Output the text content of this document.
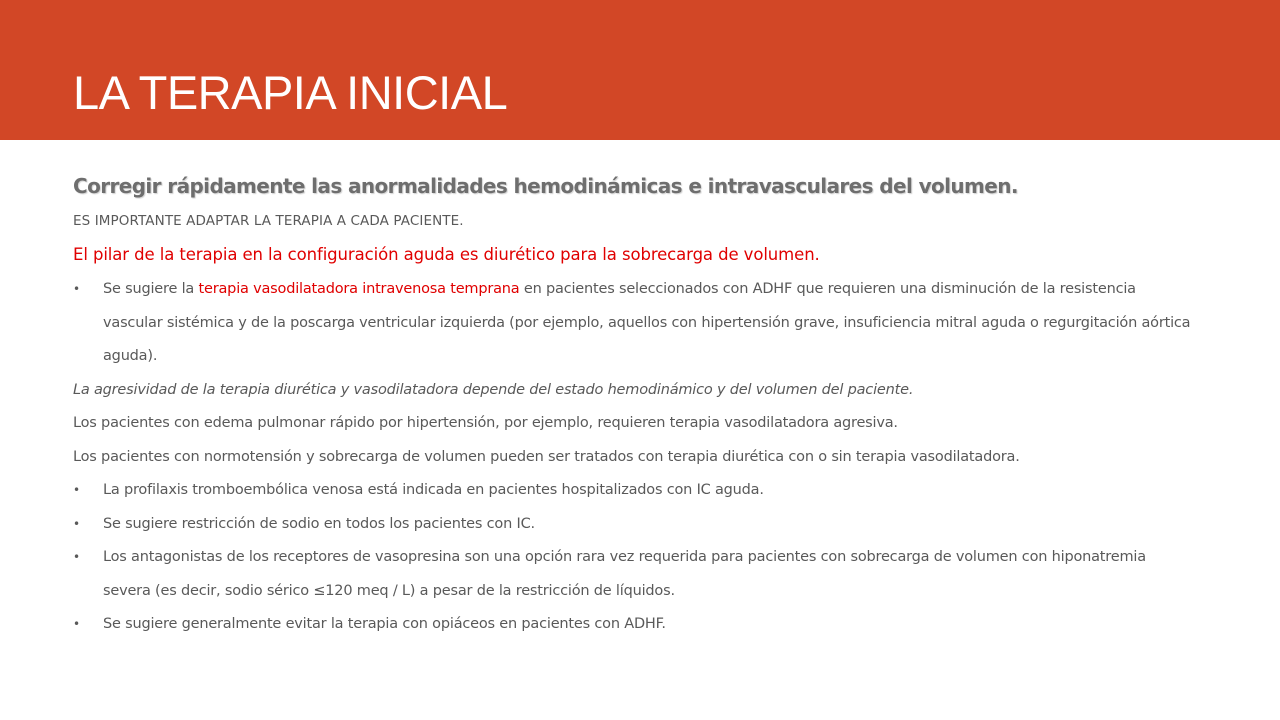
LA TERAPIA INICIAL
Corregir rápidamente las anormalidades hemodinámicas e intravasculares del volumen.
ES IMPORTANTE ADAPTAR LA TERAPIA A CADA PACIENTE.
El pilar de la terapia en la configuración aguda es diurético para la sobrecarga de volumen.
• Se sugiere la terapia vasodilatadora intravenosa temprana en pacientes seleccionados con ADHF que requieren una disminución de la resistencia vascular sistémica y de la poscarga ventricular izquierda (por ejemplo, aquellos con hipertensión grave, insuficiencia mitral aguda o regurgitación aórtica aguda).
La agresividad de la terapia diurética y vasodilatadora depende del estado hemodinámico y del volumen del paciente.
Los pacientes con edema pulmonar rápido por hipertensión, por ejemplo, requieren terapia vasodilatadora agresiva.
Los pacientes con normotensión y sobrecarga de volumen pueden ser tratados con terapia diurética con o sin terapia vasodilatadora.
• La profilaxis tromboembólica venosa está indicada en pacientes hospitalizados con IC aguda.
• Se sugiere restricción de sodio en todos los pacientes con IC.
• Los antagonistas de los receptores de vasopresina son una opción rara vez requerida para pacientes con sobrecarga de volumen con hiponatremia severa (es decir, sodio sérico ≤120 meq / L) a pesar de la restricción de líquidos.
• Se sugiere generalmente evitar la terapia con opiáceos en pacientes con ADHF.
